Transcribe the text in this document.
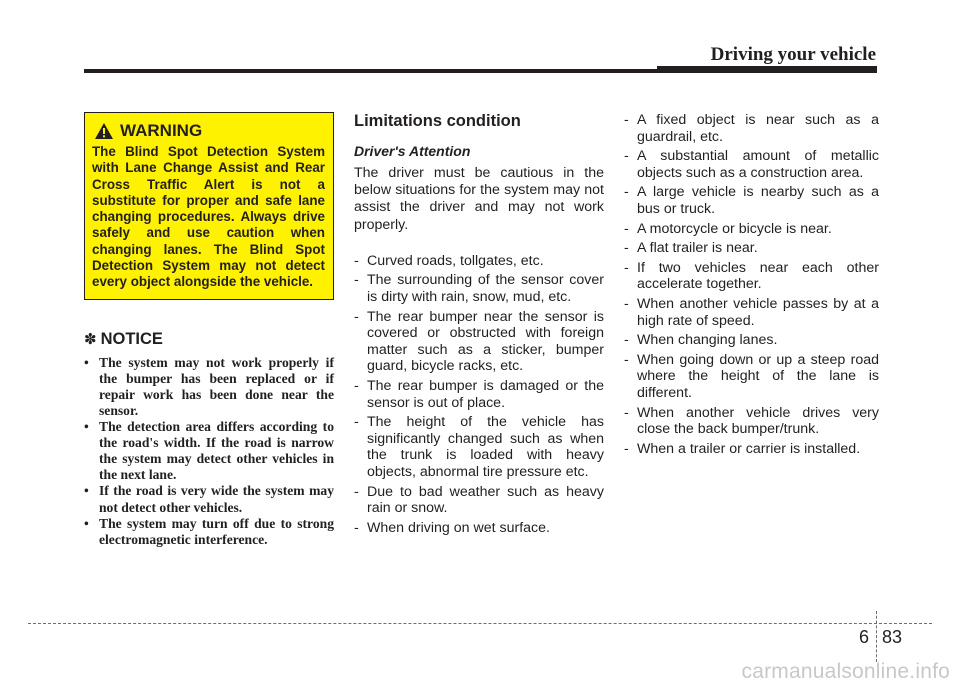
Driving your vehicle
WARNING

The Blind Spot Detection System with Lane Change Assist and Rear Cross Traffic Alert is not a substitute for proper and safe lane changing procedures. Always drive safely and use caution when changing lanes. The Blind Spot Detection System may not detect every object alongside the vehicle.

✽ NOTICE
• The system may not work properly if the bumper has been replaced or if repair work has been done near the sensor.
• The detection area differs according to the road's width. If the road is narrow the system may detect other vehicles in the next lane.
• If the road is very wide the system may not detect other vehicles.
• The system may turn off due to strong electromagnetic interference.
Limitations condition
Driver's Attention

The driver must be cautious in the below situations for the system may not assist the driver and may not work properly.

- Curved roads, tollgates, etc.
- The surrounding of the sensor cover is dirty with rain, snow, mud, etc.
- The rear bumper near the sensor is covered or obstructed with foreign matter such as a sticker, bumper guard, bicycle racks, etc.
- The rear bumper is damaged or the sensor is out of place.
- The height of the vehicle has significantly changed such as when the trunk is loaded with heavy objects, abnormal tire pressure etc.
- Due to bad weather such as heavy rain or snow.
- When driving on wet surface.
- A fixed object is near such as a guardrail, etc.
- A substantial amount of metallic objects such as a construction area.
- A large vehicle is nearby such as a bus or truck.
- A motorcycle or bicycle is near.
- A flat trailer is near.
- If two vehicles near each other accelerate together.
- When another vehicle passes by at a high rate of speed.
- When changing lanes.
- When going down or up a steep road where the height of the lane is different.
- When another vehicle drives very close the back bumper/trunk.
- When a trailer or carrier is installed.
6 83
carmanualsonline.info
